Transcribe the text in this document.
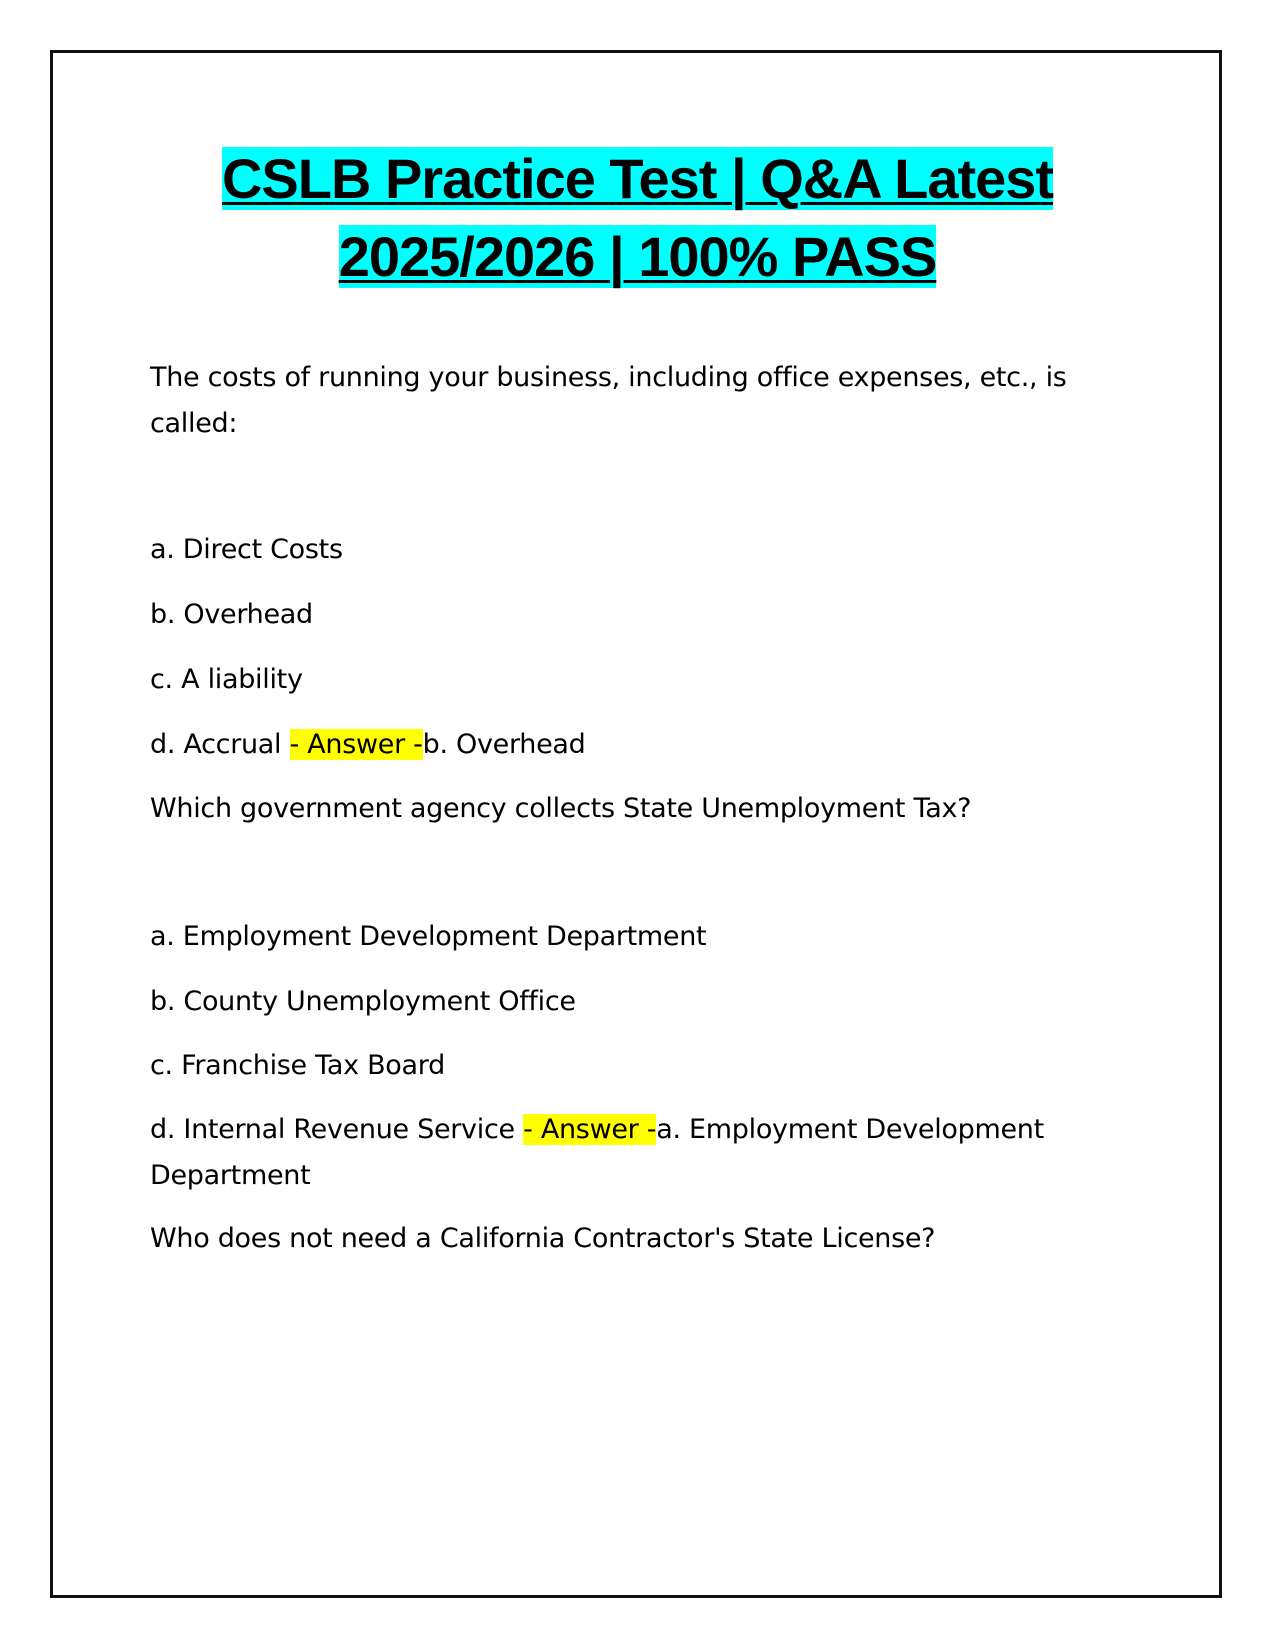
CSLB Practice Test | Q&A Latest
2025/2026 | 100% PASS
The costs of running your business, including office expenses, etc., is called:
a. Direct Costs
b. Overhead
c. A liability
d. Accrual - Answer -b. Overhead
Which government agency collects State Unemployment Tax?
a. Employment Development Department
b. County Unemployment Office
c. Franchise Tax Board
d. Internal Revenue Service - Answer -a. Employment Development Department
Who does not need a California Contractor's State License?
